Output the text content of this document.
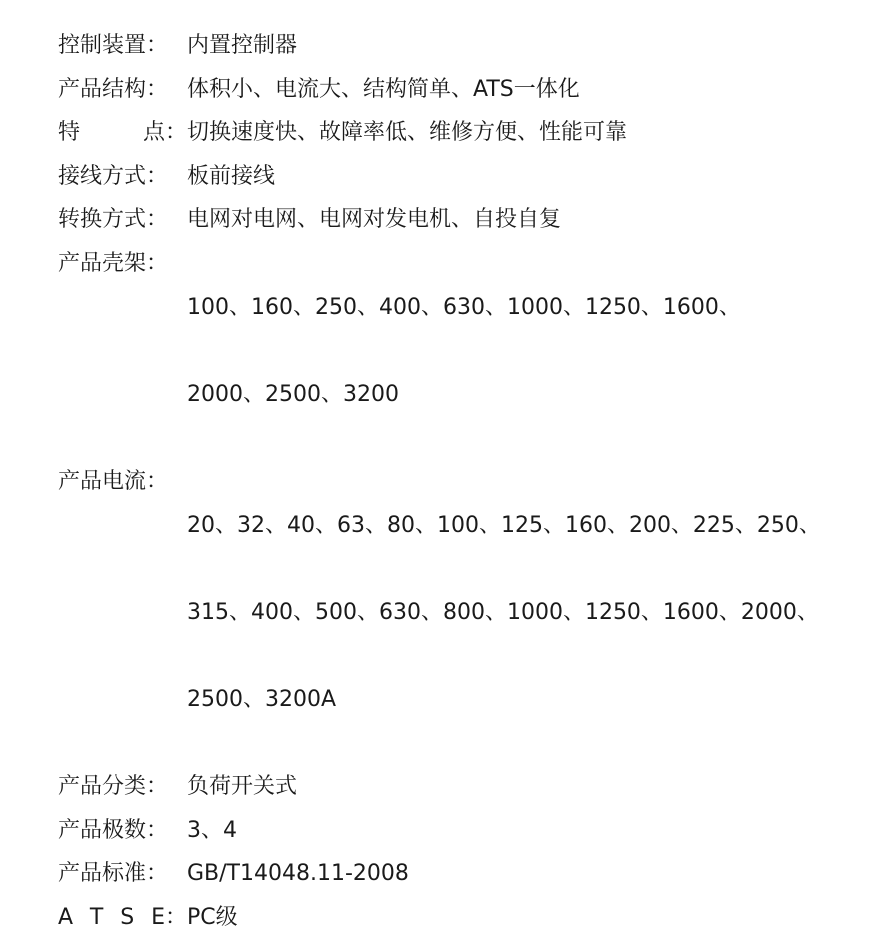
控制装置： 内置控制器
产品结构： 体积小、电流大、结构简单、ATS一体化
特	点： 切换速度快、故障率低、维修方便、性能可靠
接线方式： 板前接线
转换方式： 电网对电网、电网对发电机、自投自复
产品壳架：

100、160、250、400、630、1000、1250、1600、

2000、2500、3200

产品电流：

20、32、40、63、80、100、125、160、200、225、250、

315、400、500、630、800、1000、1250、1600、2000、

2500、3200A

产品分类： 负荷开关式
产品极数： 3、4
产品标准： GB/T14048.11-2008
A T S E： PC级
